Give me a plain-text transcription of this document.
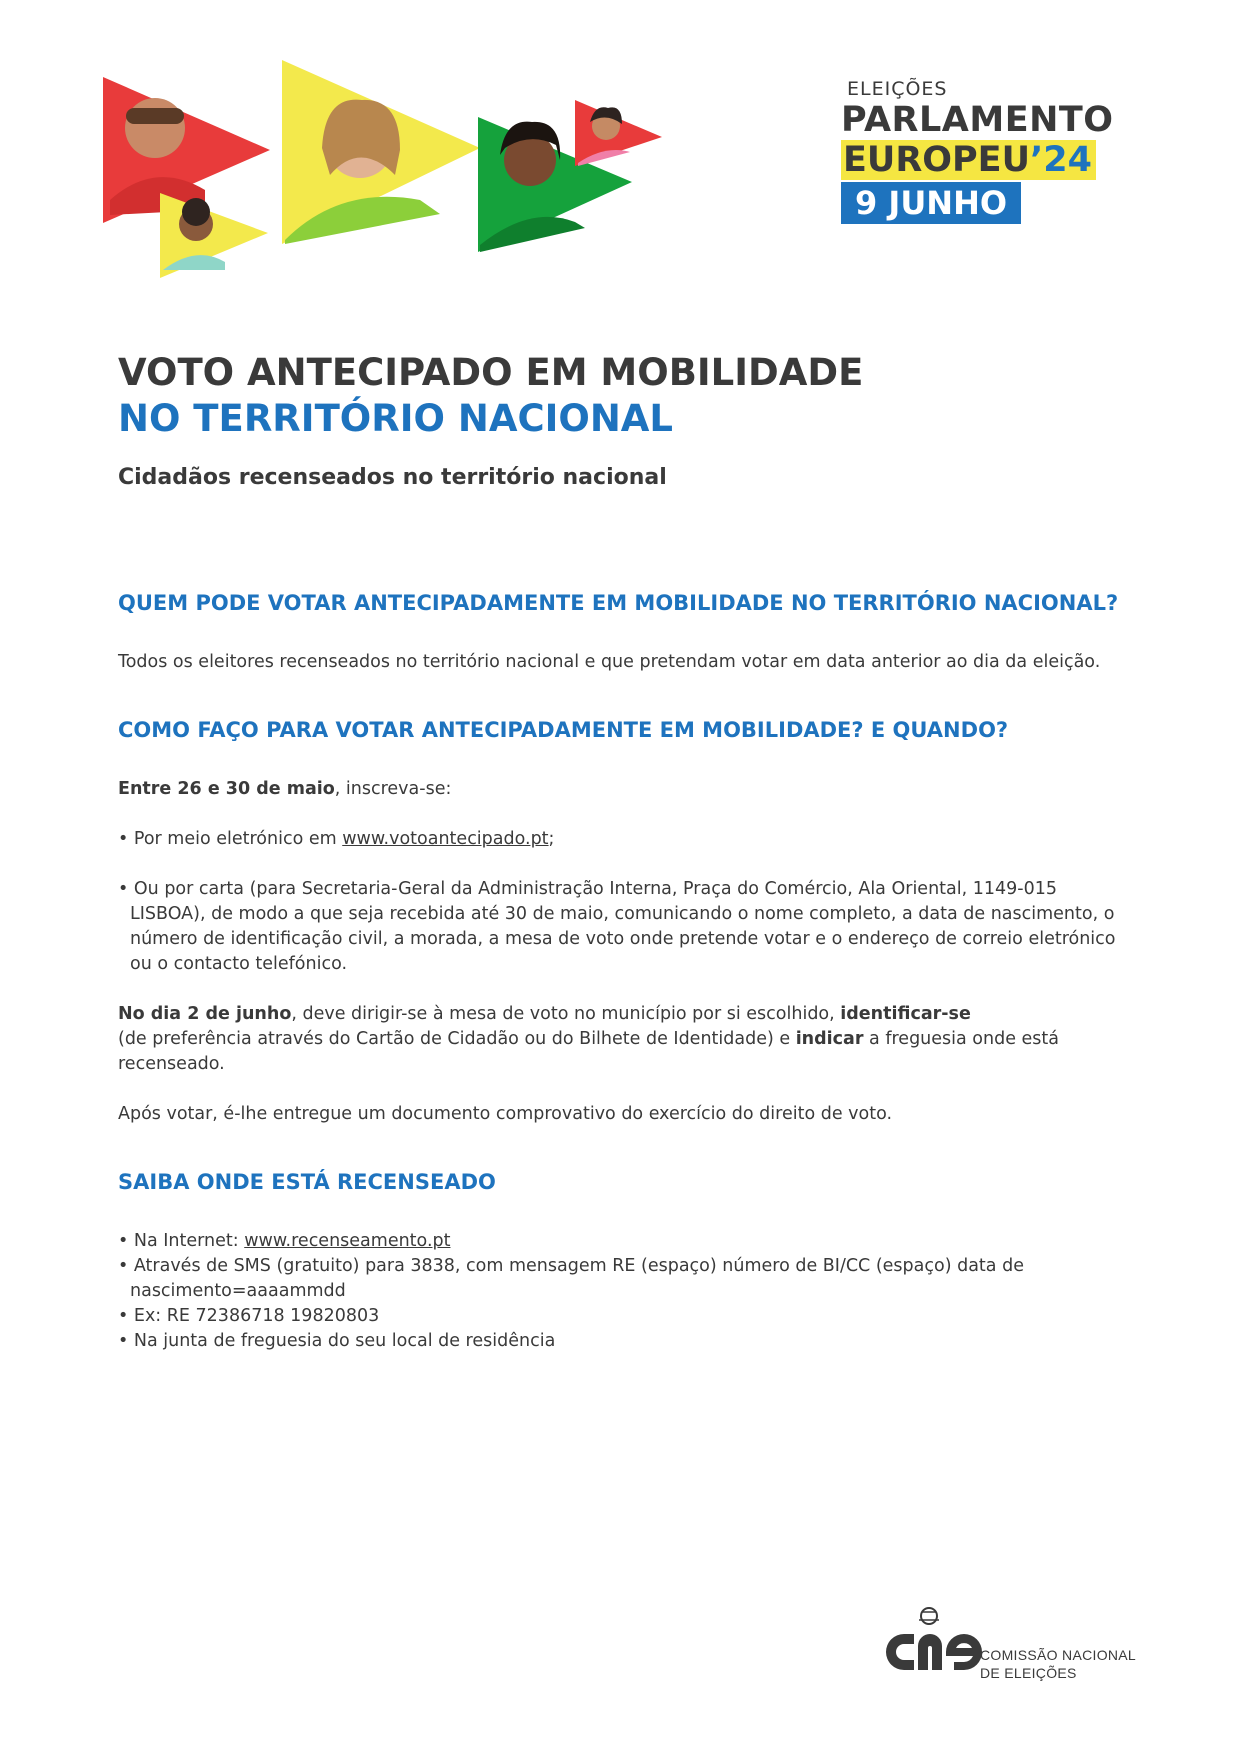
ELEIÇÕES
PARLAMENTO
EUROPEU’24
9 JUNHO
VOTO ANTECIPADO EM MOBILIDADE
NO TERRITÓRIO NACIONAL
Cidadãos recenseados no território nacional
QUEM PODE VOTAR ANTECIPADAMENTE EM MOBILIDADE NO TERRITÓRIO NACIONAL?

Todos os eleitores recenseados no território nacional e que pretendam votar em data anterior ao dia da eleição.

COMO FAÇO PARA VOTAR ANTECIPADAMENTE EM MOBILIDADE? E QUANDO?

Entre 26 e 30 de maio, inscreva-se:

• Por meio eletrónico em www.votoantecipado.pt;

• Ou por carta (para Secretaria-Geral da Administração Interna, Praça do Comércio, Ala Oriental, 1149-015 LISBOA), de modo a que seja recebida até 30 de maio, comunicando o nome completo, a data de nascimento, o número de identificação civil, a morada, a mesa de voto onde pretende votar e o endereço de correio eletrónico ou o contacto telefónico.

No dia 2 de junho, deve dirigir-se à mesa de voto no município por si escolhido, identificar-se
(de preferência através do Cartão de Cidadão ou do Bilhete de Identidade) e indicar a freguesia onde está recenseado.

Após votar, é-lhe entregue um documento comprovativo do exercício do direito de voto.

SAIBA ONDE ESTÁ RECENSEADO

• Na Internet: www.recenseamento.pt

• Através de SMS (gratuito) para 3838, com mensagem RE (espaço) número de BI/CC (espaço) data de nascimento=aaaammdd

• Ex: RE 72386718 19820803

• Na junta de freguesia do seu local de residência

COMISSÃO NACIONAL
DE ELEIÇÕES
